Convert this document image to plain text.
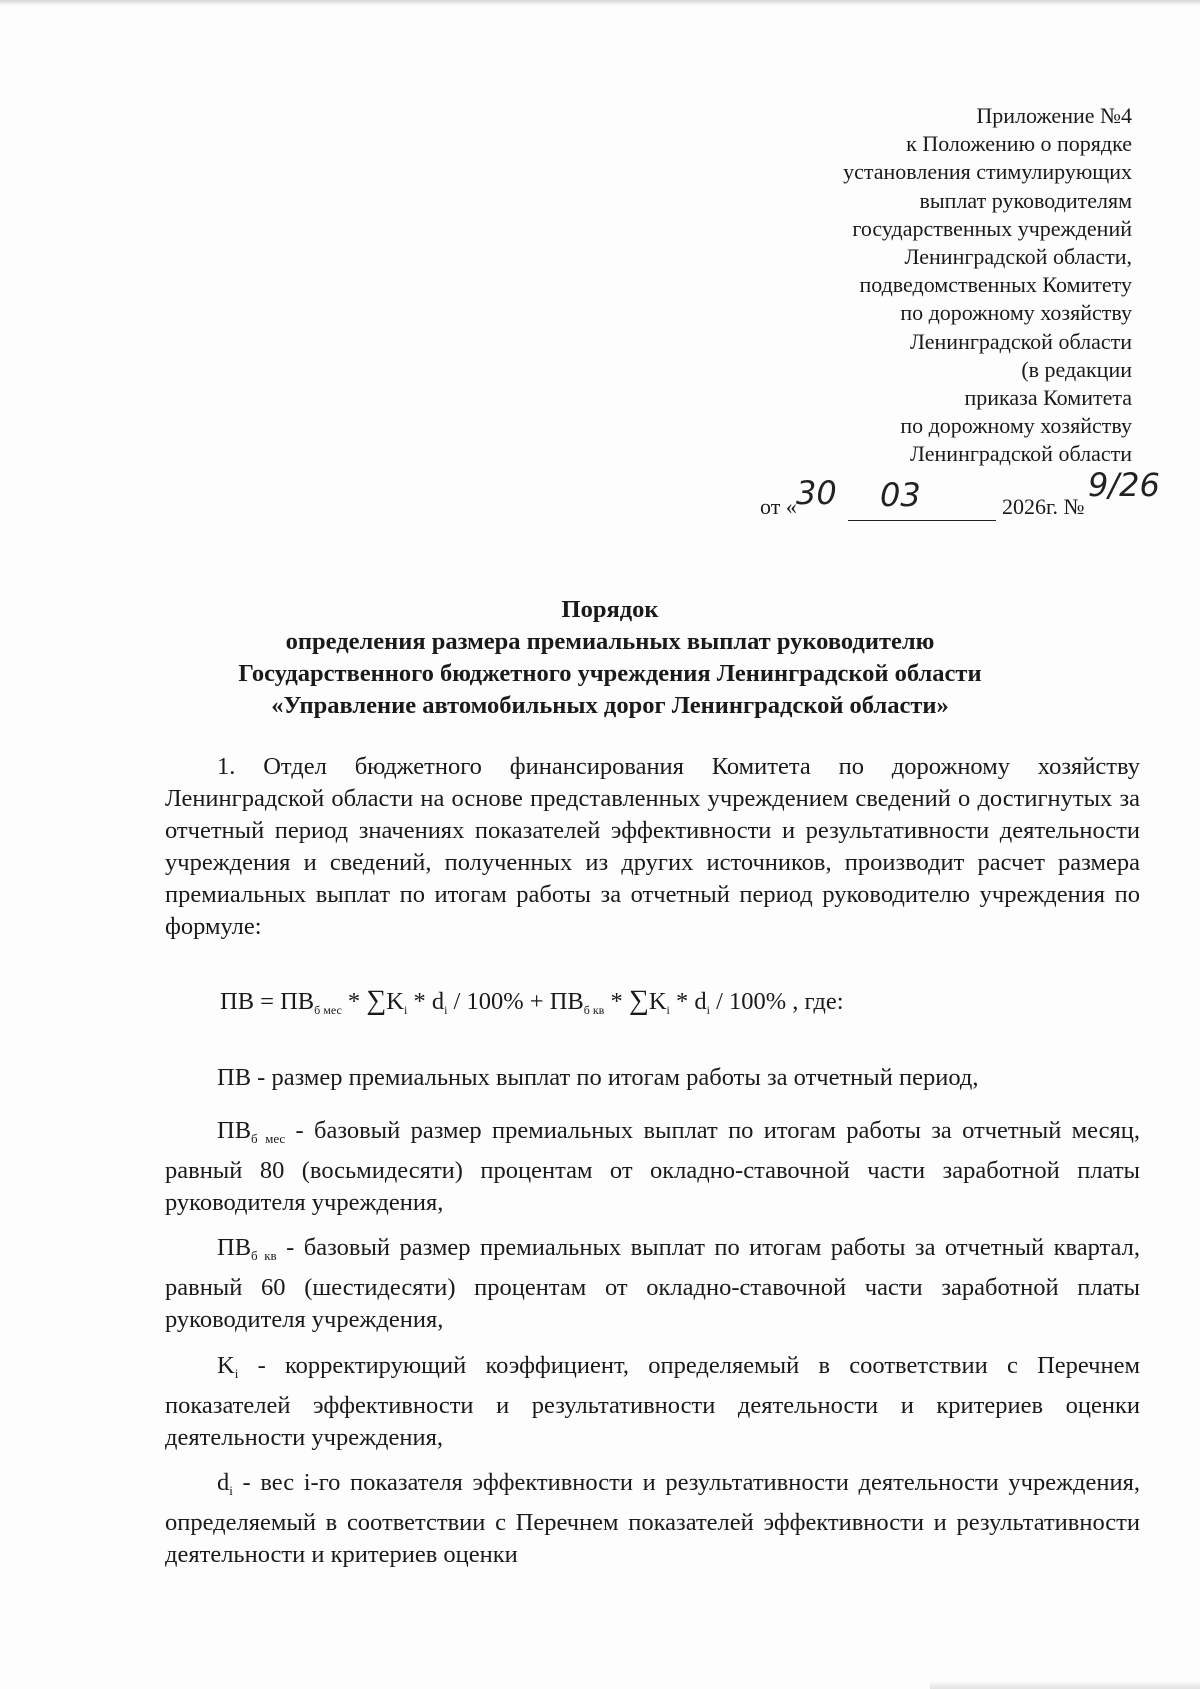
Приложение №4
к Положению о порядке
установления стимулирующих
выплат руководителям
государственных учреждений
Ленинградской области,
подведомственных Комитету
по дорожному хозяйству
Ленинградской области
(в редакции
приказа Комитета
по дорожному хозяйству
Ленинградской области
от « 30 03	2026г. №
9/26
Порядок
определения размера премиальных выплат руководителю
Государственного бюджетного учреждения Ленинградской области
«Управление автомобильных дорог Ленинградской области»
1. Отдел бюджетного финансирования Комитета по дорожному хозяйству Ленинградской области на основе представленных учреждением сведений о достигнутых за отчетный период значениях показателей эффективности и результативности деятельности учреждения и сведений, полученных из других источников, производит расчет размера премиальных выплат по итогам работы за отчетный период руководителю учреждения по формуле:
ПВ = $ПВ_{б мес} * \sum K_i * d_i / 100\% + ПВ_{б кв} * \sum K_i * d_i / 100\%$ , где:
ПВ - размер премиальных выплат по итогам работы за отчетный период,
$ПВ_{б мес}$ - базовый размер премиальных выплат по итогам работы за отчетный месяц, равный 80 (восьмидесяти) процентам от окладно-ставочной части заработной платы руководителя учреждения,
$ПВ_{б кв}$ - базовый размер премиальных выплат по итогам работы за отчетный квартал, равный 60 (шестидесяти) процентам от окладно-ставочной части заработной платы руководителя учреждения,
$K_i$ - корректирующий коэффициент, определяемый в соответствии с Перечнем показателей эффективности и результативности деятельности и критериев оценки деятельности учреждения,
$d_i$ - вес i-го показателя эффективности и результативности деятельности учреждения, определяемый в соответствии с Перечнем показателей эффективности и результативности деятельности и критериев оценки
